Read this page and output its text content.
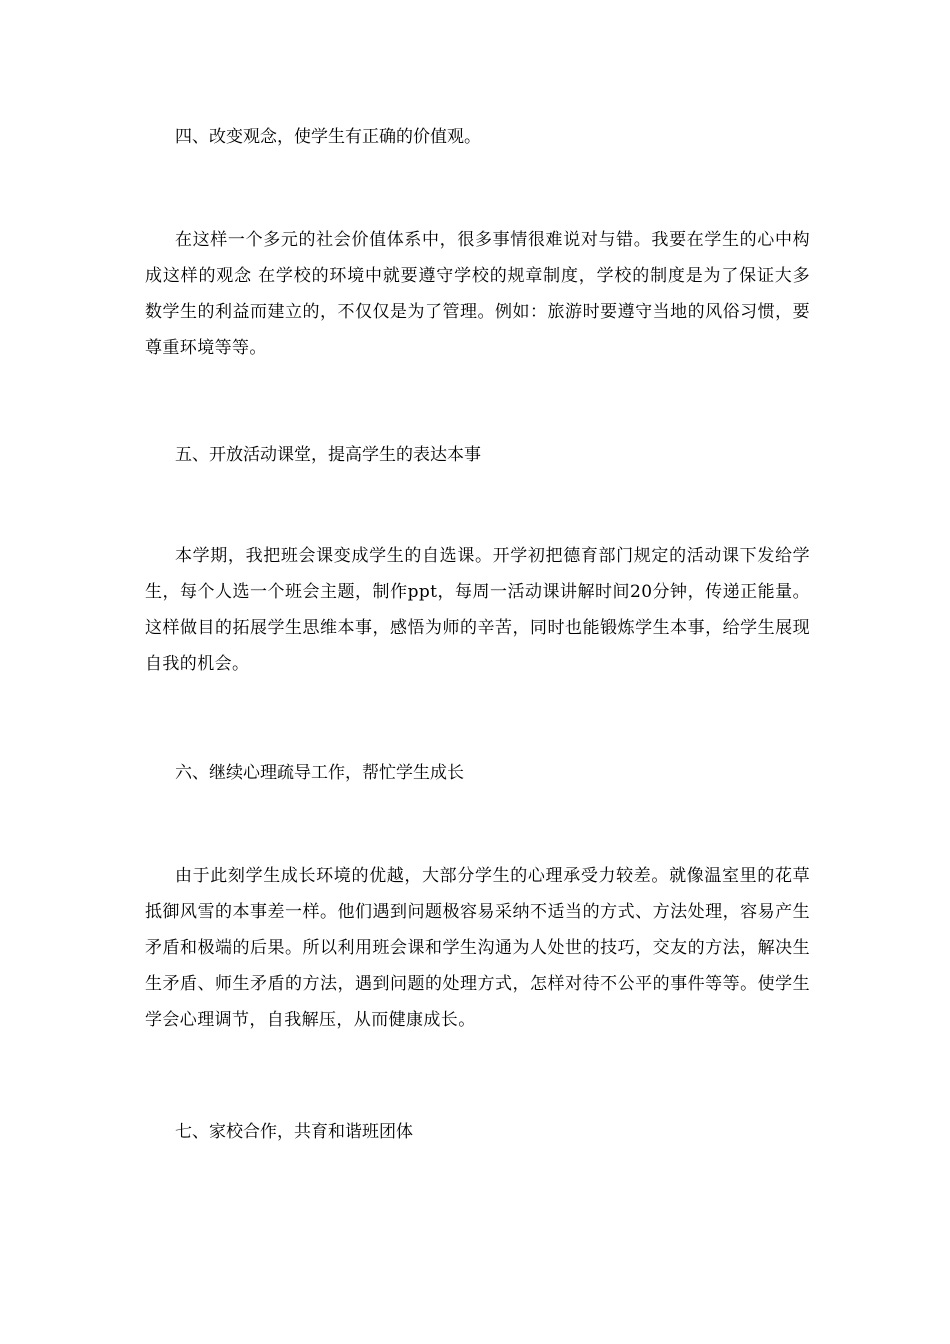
四、改变观念，使学生有正确的价值观。
在这样一个多元的社会价值体系中，很多事情很难说对与错。我要在学生的心中构成这样的观念 在学校的环境中就要遵守学校的规章制度，学校的制度是为了保证大多数学生的利益而建立的，不仅仅是为了管理。例如：旅游时要遵守当地的风俗习惯，要尊重环境等等。
五、开放活动课堂，提高学生的表达本事
本学期，我把班会课变成学生的自选课。开学初把德育部门规定的活动课下发给学生，每个人选一个班会主题，制作ppt，每周一活动课讲解时间20分钟，传递正能量。这样做目的拓展学生思维本事，感悟为师的辛苦，同时也能锻炼学生本事，给学生展现自我的机会。
六、继续心理疏导工作，帮忙学生成长
由于此刻学生成长环境的优越，大部分学生的心理承受力较差。就像温室里的花草抵御风雪的本事差一样。他们遇到问题极容易采纳不适当的方式、方法处理，容易产生矛盾和极端的后果。所以利用班会课和学生沟通为人处世的技巧，交友的方法，解决生生矛盾、师生矛盾的方法，遇到问题的处理方式，怎样对待不公平的事件等等。使学生学会心理调节，自我解压，从而健康成长。
七、家校合作，共育和谐班团体
